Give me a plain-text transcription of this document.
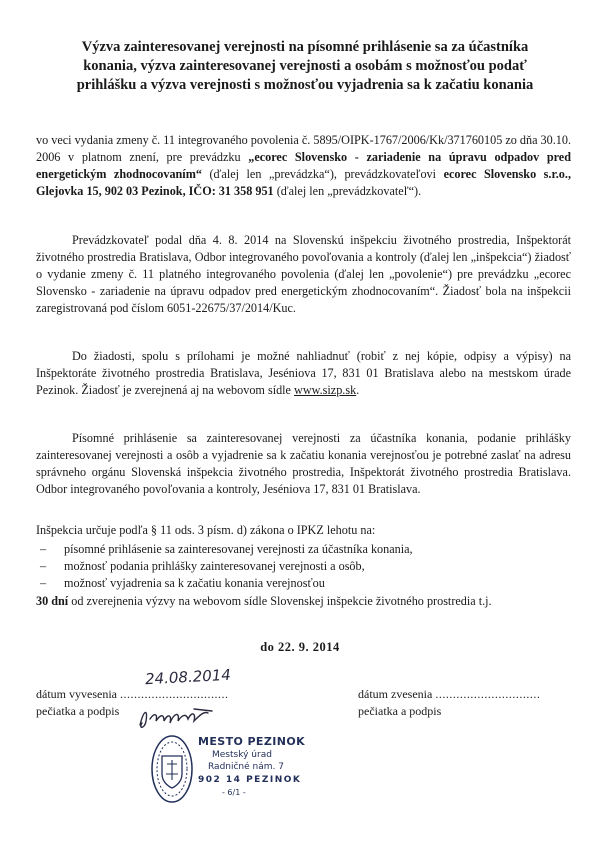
Výzva zainteresovanej verejnosti na písomné prihlásenie sa za účastníka konania, výzva zainteresovanej verejnosti a osobám s možnosťou podať prihlášku a výzva verejnosti s možnosťou vyjadrenia sa k začatiu konania
vo veci vydania zmeny č. 11 integrovaného povolenia č. 5895/OIPK-1767/2006/Kk/371760105 zo dňa 30.10. 2006 v platnom znení, pre prevádzku „ecorec Slovensko - zariadenie na úpravu odpadov pred energetickým zhodnocovaním“ (ďalej len „prevádzka“), prevádzkovateľovi ecorec Slovensko s.r.o., Glejovka 15, 902 03 Pezinok, IČO: 31 358 951 (ďalej len „prevádzkovateľ“).
Prevádzkovateľ podal dňa 4. 8. 2014 na Slovenskú inšpekciu životného prostredia, Inšpektorát životného prostredia Bratislava, Odbor integrovaného povoľovania a kontroly (ďalej len „inšpekcia“) žiadosť o vydanie zmeny č. 11 platného integrovaného povolenia (ďalej len „povolenie“) pre prevádzku „ecorec Slovensko - zariadenie na úpravu odpadov pred energetickým zhodnocovaním“. Žiadosť bola na inšpekcii zaregistrovaná pod číslom 6051-22675/37/2014/Kuc.
Do žiadosti, spolu s prílohami je možné nahliadnuť (robiť z nej kópie, odpisy a výpisy) na Inšpektoráte životného prostredia Bratislava, Jeséniova 17, 831 01 Bratislava alebo na mestskom úrade Pezinok. Žiadosť je zverejnená aj na webovom sídle www.sizp.sk.
Písomné prihlásenie sa zainteresovanej verejnosti za účastníka konania, podanie prihlášky zainteresovanej verejnosti a osôb a vyjadrenie sa k začatiu konania verejnosťou je potrebné zaslať na adresu správneho orgánu Slovenská inšpekcia životného prostredia, Inšpektorát životného prostredia Bratislava. Odbor integrovaného povoľovania a kontroly, Jeséniova 17, 831 01 Bratislava.
Inšpekcia určuje podľa § 11 ods. 3 písm. d) zákona o IPKZ lehotu na:
– písomné prihlásenie sa zainteresovanej verejnosti za účastníka konania,
– možnosť podania prihlášky zainteresovanej verejnosti a osôb,
– možnosť vyjadrenia sa k začatiu konania verejnosťou
30 dní od zverejnenia výzvy na webovom sídle Slovenskej inšpekcie životného prostredia t.j.
do 22. 9. 2014
dátum vyvesenia ...............................
pečiatka a podpis
24.08.2014
dátum zvesenia ..............................
pečiatka a podpis
MESTO PEZINOK
Mestský úrad
Radničné nám. 7
902 14 PEZINOK
- 6/1 -
